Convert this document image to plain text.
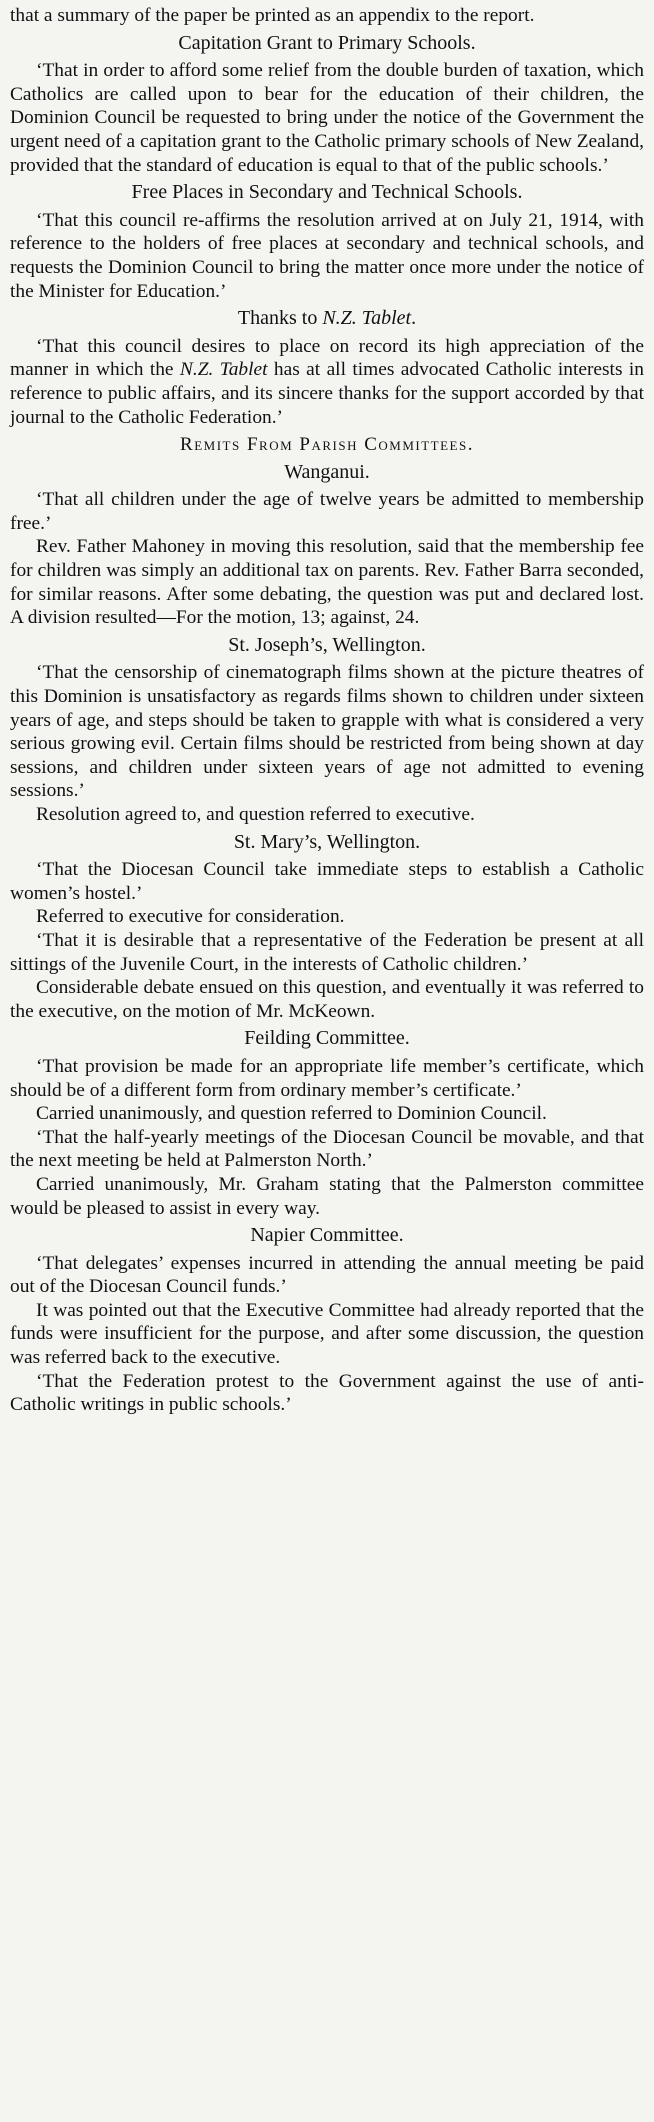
that a summary of the paper be printed as an appendix to the report.

Capitation Grant to Primary Schools.

‘That in order to afford some relief from the double burden of taxation, which Catholics are called upon to bear for the education of their children, the Dominion Council be requested to bring under the notice of the Government the urgent need of a capitation grant to the Catholic primary schools of New Zealand, provided that the standard of education is equal to that of the public schools.’

Free Places in Secondary and Technical Schools.

‘That this council re-affirms the resolution arrived at on July 21, 1914, with reference to the holders of free places at secondary and technical schools, and requests the Dominion Council to bring the matter once more under the notice of the Minister for Education.’

Thanks to N.Z. Tablet.

‘That this council desires to place on record its high appreciation of the manner in which the N.Z. Tablet has at all times advocated Catholic interests in reference to public affairs, and its sincere thanks for the support accorded by that journal to the Catholic Federation.’

Remits From Parish Committees.
Wanganui.

‘That all children under the age of twelve years be admitted to membership free.’

Rev. Father Mahoney in moving this resolution, said that the membership fee for children was simply an additional tax on parents. Rev. Father Barra seconded, for similar reasons. After some debating, the question was put and declared lost. A division resulted—For the motion, 13; against, 24.

St. Joseph’s, Wellington.

‘That the censorship of cinematograph films shown at the picture theatres of this Dominion is unsatisfactory as regards films shown to children under sixteen years of age, and steps should be taken to grapple with what is considered a very serious growing evil. Certain films should be restricted from being shown at day sessions, and children under sixteen years of age not admitted to evening sessions.’

Resolution agreed to, and question referred to executive.

St. Mary’s, Wellington.

‘That the Diocesan Council take immediate steps to establish a Catholic women’s hostel.’

Referred to executive for consideration.

‘That it is desirable that a representative of the Federation be present at all sittings of the Juvenile Court, in the interests of Catholic children.’

Considerable debate ensued on this question, and eventually it was referred to the executive, on the motion of Mr. McKeown.

Feilding Committee.

‘That provision be made for an appropriate life member’s certificate, which should be of a different form from ordinary member’s certificate.’

Carried unanimously, and question referred to Dominion Council.

‘That the half-yearly meetings of the Diocesan Council be movable, and that the next meeting be held at Palmerston North.’

Carried unanimously, Mr. Graham stating that the Palmerston committee would be pleased to assist in every way.

Napier Committee.

‘That delegates’ expenses incurred in attending the annual meeting be paid out of the Diocesan Council funds.’

It was pointed out that the Executive Committee had already reported that the funds were insufficient for the purpose, and after some discussion, the question was referred back to the executive.

‘That the Federation protest to the Government against the use of anti-Catholic writings in public schools.’
